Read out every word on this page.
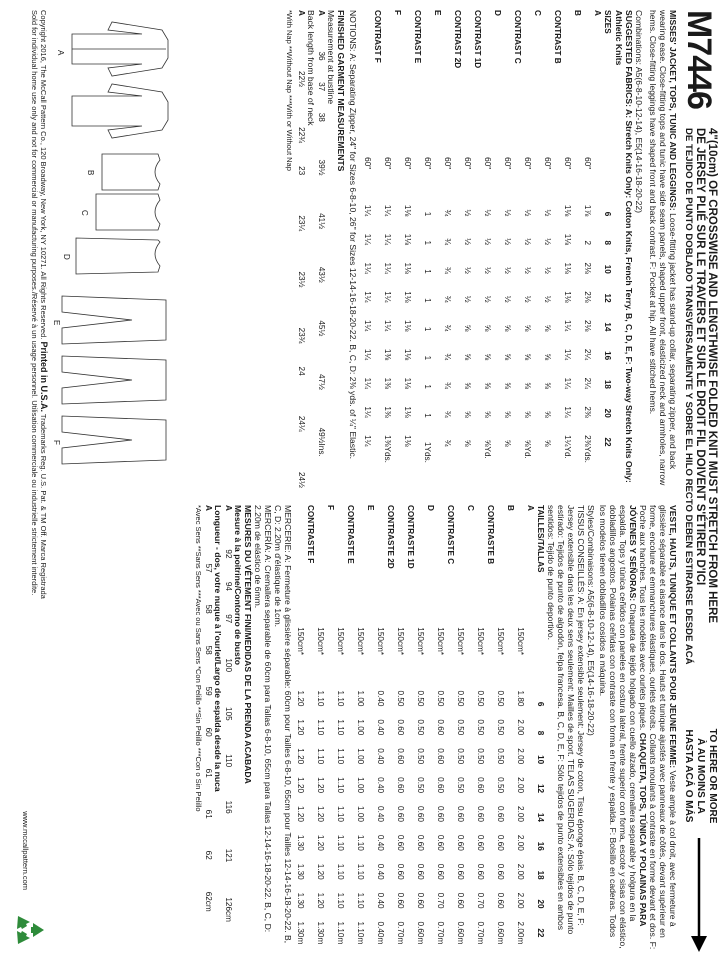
4"(10cm) OF CROSSWISE AND LENGTHWISE FOLDED KNIT MUST STRETCH FROM HERE
DE JERSEY PLIÉ SUR LE TRAVERS ET SUR LE DROIT FIL DOIVENT S'ÉTIRER D'ICI
DE TEJIDO DE PUNTO DOBLADO TRANSVERSALMENTE Y SOBRE EL HILO RECTO DEBEN ESTIRARSE DESDE ACÁ
TO HERE OR MORE
À AU MOINS LA
HASTA ACÁ O MÁS
M7446
MISSES' JACKET, TOPS, TUNIC AND LEGGINGS: Loose-fitting jacket has stand-up collar, separating zipper, and back wearing ease. Close-fitting tops and tunic have side seam panels, shaped upper front, elasticized neck and armholes, narrow hems. Close-fitting leggings have shaped front and back contrast. F: Pocket at hip. All have stitched hems.
Combinations: A5(6-8-10-12-14), E5(14-16-18-20-22)
SUGGESTED FABRICS: A: Stretch Knits Only: Cotton Knits, French Terry. B, C, D, E, F: Two-way Stretch Knits Only: Athletic Knits
SIZES		6	8	10	12	14	16	18	20	22	
A											
	60"	1⅞	2	2⅛	2⅛	2⅛	2¼	2¼	2⅜	2⅜	Yds.
B											
	60"	1⅛	1⅛	1⅛	1⅛	1¼	1¼	1¼	1¼	1¼	Yd.
CONTRAST B											
	60"	½	½	½	½	⅝	⅝	⅝	⅝	⅝	
C											
	60"	½	½	½	½	⅝	⅝	⅝	⅝	⅝	Yd.
CONTRAST C											
	60"	½	½	½	½	⅝	⅝	⅝	⅝	⅝	
D											
	60"	½	½	½	½	⅝	⅝	⅝	⅝	⅝	Yd.
CONTRAST 1D											
	60"	½	½	½	½	⅝	⅝	⅝	⅝	⅝	
CONTRAST 2D											
	60"	¾	¾	¾	¾	¾	¾	¾	¾	¾	
E											
	60"	1	1	1	1	1	1	1	1	1	Yds.
CONTRAST E											
	60"	1⅛	1⅛	1⅛	1⅛	1⅛	1⅛	1⅛	1⅛	1⅛	
F											
	60"	1¼	1¼	1¼	1¼	1¼	1⅜	1⅜	1⅜	1⅜	Yds.
CONTRAST F											
	60"	1¼	1¼	1¼	1¼	1¼	1¼	1¼	1¼	1¼	
NOTIONS: A: Separating Zipper, 24" for Sizes 6-8-10, 26" for Sizes 12-14-16-18-20-22. B, C, D: 2⅜ yds. of ¼" Elastic.
FINISHED GARMENT MEASUREMENTS
Measurement at bustline
A		36	37	38	39½	41½	43½	45½	47½	49½	Ins.
Back length from base of neck
A		22½	22¾	23	23¼	23½	23¾	24	24¼	24½	
*With Nap **Without Nap ***With or Without Nap
VESTE, HAUTS, TUNIQUE ET COLLANTS POUR JEUNE FEMME: Veste ample à col droit, avec fermeture à glissière séparable et aisance dans le dos. Hauts et tunique ajustés avec panneaux de côtés, devant supérieur en forme, encolure et emmanchures élastiques, ourlets étroits. Collants moulants à contraste en forme devant et dos. F: Poche aux hanches. Tous les modèles avec ourlets piqués. CHAQUETA, TOPS, TÚNICA Y POLAINAS PARA JÓVENES Y SEÑORAS: Chaqueta de tejido holgado con cuello alzado, cremallera separable y holgura en la espalda. Tops y túnica ceñidos con paneles en costura lateral, frente superior con forma, escote y sisas con elástico, dobladillos angostos. Polainas ceñidas con contraste con forma en frente y espalda. F: Bolsillo en caderas. Todos los modelos tienen dobladillos cosidos a máquina.
Styles/Combinaisons: A5(6-8-10-12-14), E5(14-16-18-20-22)
TISSUS CONSEILLÉS: A: En jersey extensible seulement: Jersey de coton, Tissu éponge épais. B, C, D, E, F: Jersey extensible dans les deux sens seulement: Mailles de sport. TELAS SUGERIDAS: A: Sólo tejidos de punto estirado: Tejidos de punto de algodón, felpa francesa. B, C, D, E, F: Sólo tejidos de punto extensibles en ambos sentidos: Tejido de punto deportivo.
TAILLES/TALLAS		6	8	10	12	14	16	18	20	22	
A											
	150cm*	1.80	2.00	2.00	2.00	2.00	2.00	2.00	2.00	2.00	m
B											
	150cm*	0.50	0.50	0.50	0.50	0.60	0.60	0.60	0.60	0.60	m
CONTRASTE B											
	150cm*	0.50	0.50	0.50	0.60	0.60	0.60	0.60	0.70	0.70	m
C											
	150cm*	0.50	0.50	0.50	0.50	0.60	0.60	0.60	0.60	0.60	m
CONTRASTE C											
	150cm*	0.50	0.60	0.60	0.60	0.60	0.60	0.60	0.70	0.70	m
D											
	150cm*	0.50	0.50	0.50	0.50	0.60	0.60	0.60	0.60	0.60	m
CONTRASTE 1D											
	150cm*	0.50	0.60	0.60	0.60	0.60	0.60	0.60	0.60	0.70	m
CONTRASTE 2D											
	150cm*	0.40	0.40	0.40	0.40	0.40	0.40	0.40	0.40	0.40	m
E											
	150cm*	1.00	1.00	1.00	1.00	1.00	1.10	1.10	1.10	1.10	m
CONTRASTE E											
	150cm*	1.10	1.10	1.10	1.10	1.10	1.10	1.10	1.10	1.10	m
F											
	150cm*	1.10	1.10	1.10	1.20	1.20	1.20	1.20	1.20	1.30	m
CONTRASTE F											
	150cm*	1.20	1.20	1.20	1.20	1.20	1.30	1.30	1.30	1.30	m
MERCERIE: A: Fermeture à glissière séparable: 60cm pour Tailles 6-8-10, 65cm pour Tailles 12-14-16-18-20-22. B, C, D: 2.20m d'élastique de 1cm.
MERCERÍA: A: Cremallera separable de 60cm para Tallas 6-8-10, 65cm para Tallas 12-14-16-18-20-22. B, C, D: 2.20m de elástico de 6mm.
MESURES DU VÊTEMENT FINI/MEDIDAS DE LA PRENDA ACABADA
Mesure à la poitrine/Contorno de busto
A		92	94	97	100	105	110	116	121	126	cm
Longueur - dos, votre nuque à l'ourlet/Largo de espalda desde la nuca
A		57	58	58	59	60	61	61	62	62	cm
*Avec Sens **Sans Sens ***Avec ou Sans Sens *Con Pelillo **Sin Pelillo ***Con o Sin Pelillo
A
B
C
D
E
F
Copyright 2016, The McCall Pattern Co., 120 Broadway, New York, NY 10271. All Rights Reserved. Printed in U.S.A. Trademarks Reg. U.S. Pat. & TM Off. Marca Registrada
Sold for individual home use only and not for commercial or manufacturing purposes./Réservé à un usage personnel. Utilisation commerciale ou industrielle strictement interdite.
www.mccallpattern.com
